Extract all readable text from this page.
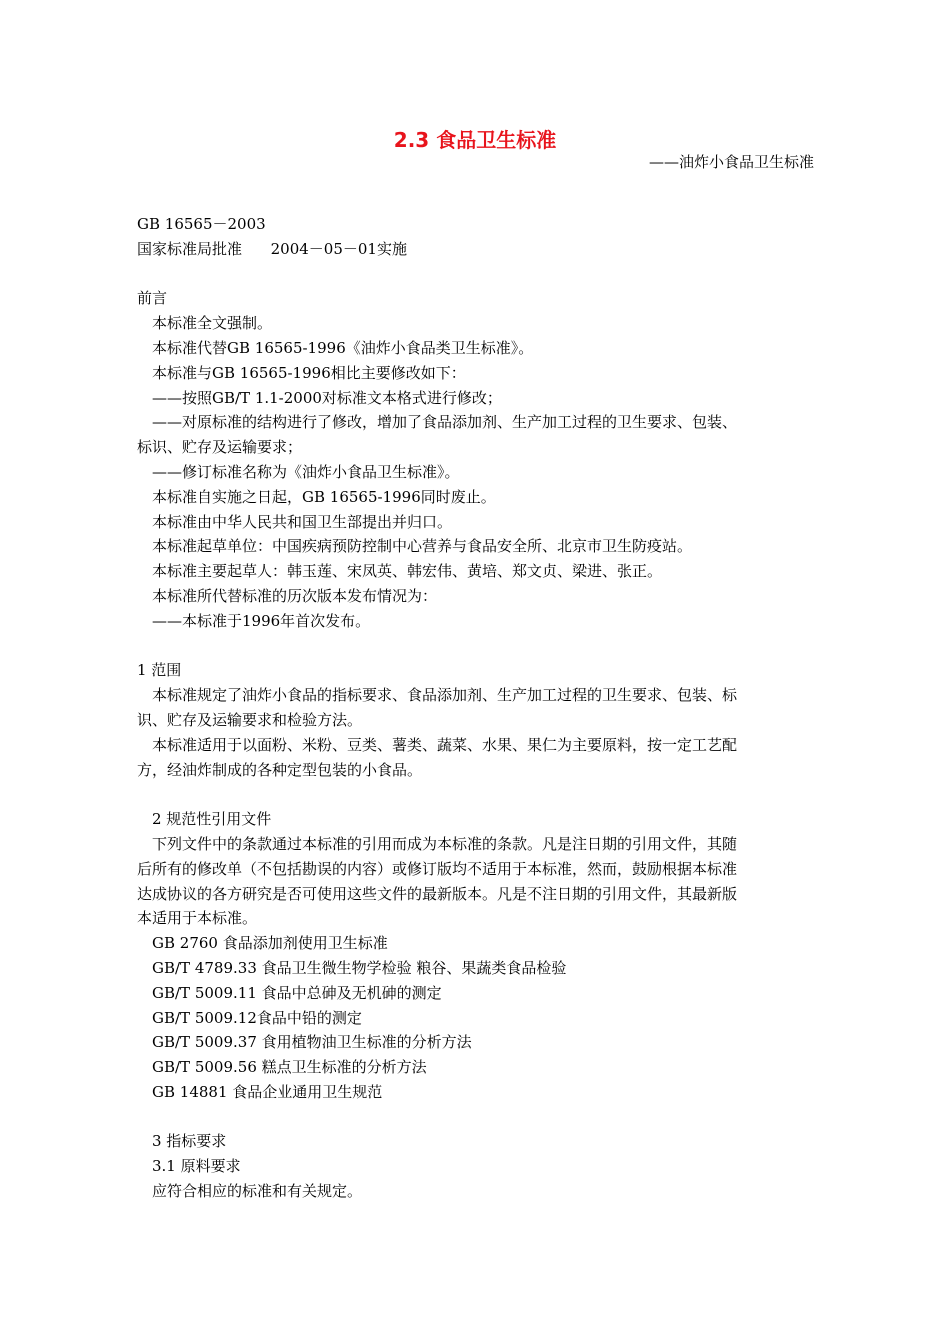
2.3 食品卫生标准
——油炸小食品卫生标准

GB 16565－2003

国家标准局批准      2004－05－01实施

前言

本标准全文强制。

本标准代替GB 16565-1996《油炸小食品类卫生标准》。

本标准与GB 16565-1996相比主要修改如下：

——按照GB/T 1.1-2000对标准文本格式进行修改；

——对原标准的结构进行了修改，增加了食品添加剂、生产加工过程的卫生要求、包装、

标识、贮存及运输要求；

——修订标准名称为《油炸小食品卫生标准》。

本标准自实施之日起，GB 16565-1996同时废止。

本标准由中华人民共和国卫生部提出并归口。

本标准起草单位：中国疾病预防控制中心营养与食品安全所、北京市卫生防疫站。

本标准主要起草人：韩玉莲、宋凤英、韩宏伟、黄培、郑文贞、梁进、张正。

本标准所代替标准的历次版本发布情况为：

——本标准于1996年首次发布。

1 范围

本标准规定了油炸小食品的指标要求、食品添加剂、生产加工过程的卫生要求、包装、标

识、贮存及运输要求和检验方法。

本标准适用于以面粉、米粉、豆类、薯类、蔬菜、水果、果仁为主要原料，按一定工艺配

方，经油炸制成的各种定型包装的小食品。

2 规范性引用文件

下列文件中的条款通过本标准的引用而成为本标准的条款。凡是注日期的引用文件，其随

后所有的修改单（不包括勘误的内容）或修订版均不适用于本标准，然而，鼓励根据本标准

达成协议的各方研究是否可使用这些文件的最新版本。凡是不注日期的引用文件，其最新版

本适用于本标准。

GB 2760 食品添加剂使用卫生标准

GB/T 4789.33 食品卫生微生物学检验 粮谷、果蔬类食品检验

GB/T 5009.11 食品中总砷及无机砷的测定

GB/T 5009.12食品中铅的测定

GB/T 5009.37 食用植物油卫生标准的分析方法

GB/T 5009.56 糕点卫生标准的分析方法

GB 14881 食品企业通用卫生规范

3 指标要求

3.1 原料要求

应符合相应的标准和有关规定。
